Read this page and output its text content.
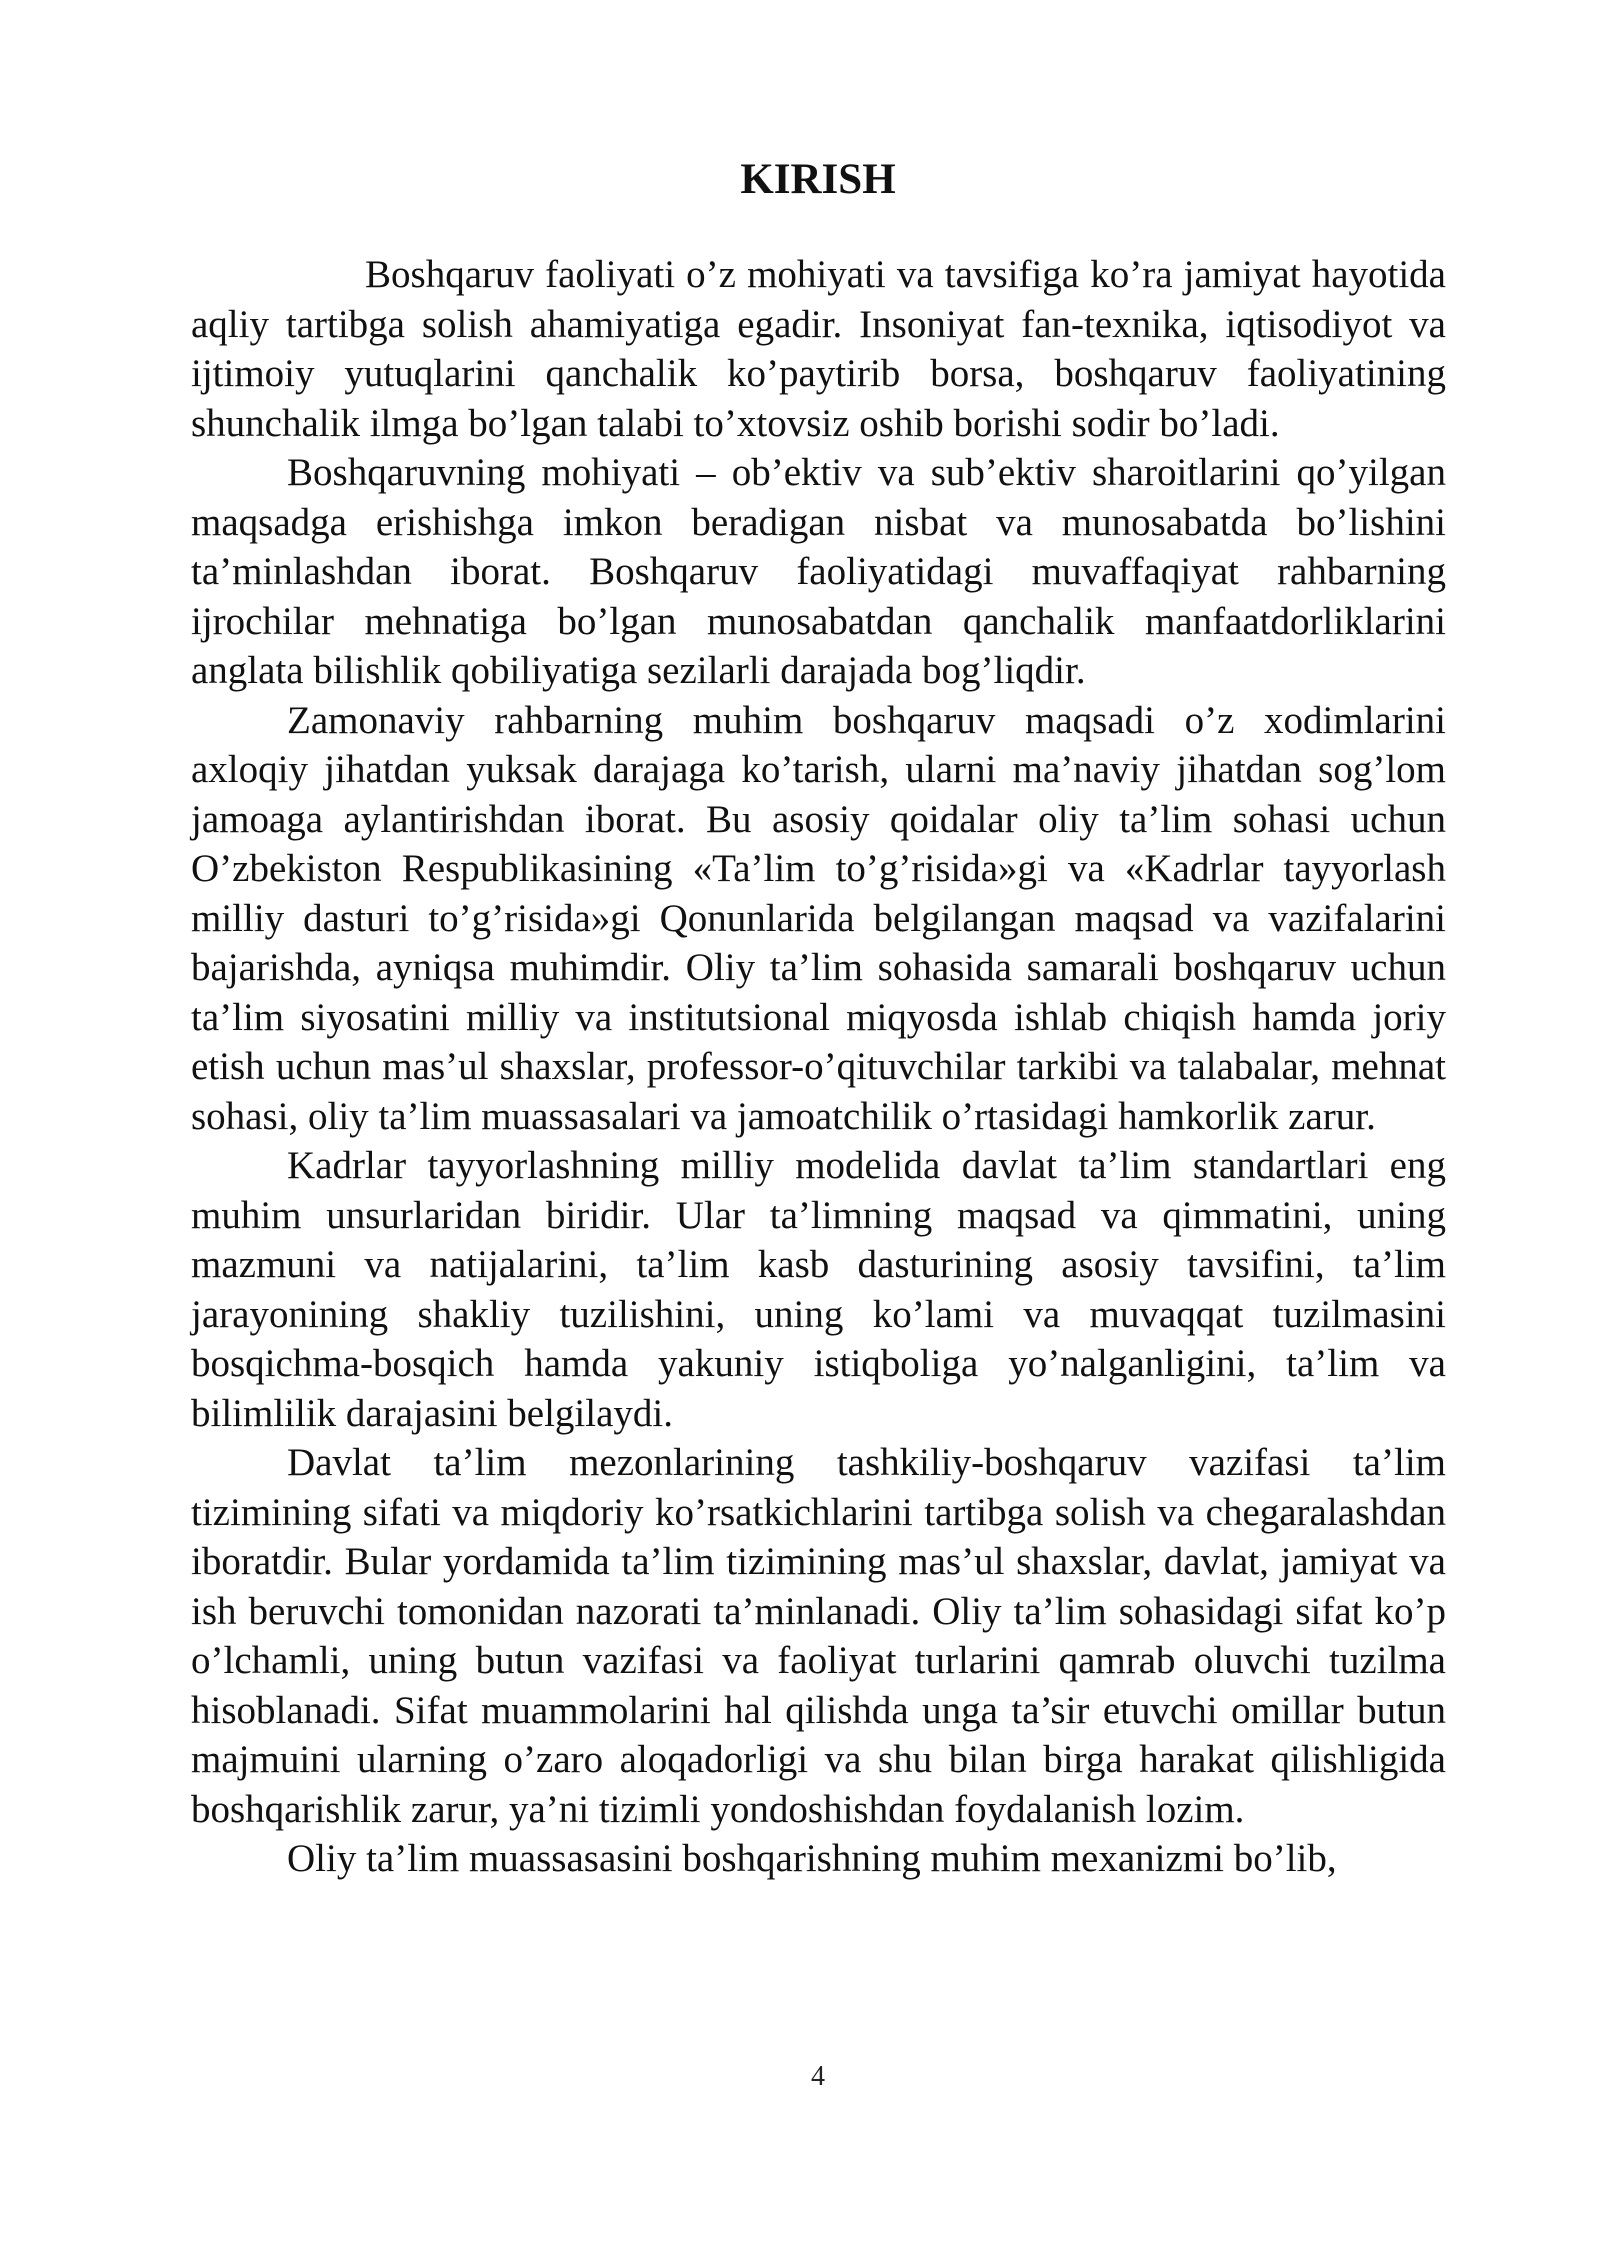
KIRISH

Boshqaruv faoliyati o’z mohiyati va tavsifiga ko’ra jamiyat hayotida aqliy tartibga solish ahamiyatiga egadir. Insoniyat fan-texnika, iqtisodiyot va ijtimoiy yutuqlarini qanchalik ko’paytirib borsa, boshqaruv faoliyatining shunchalik ilmga bo’lgan talabi to’xtovsiz oshib borishi sodir bo’ladi.

Boshqaruvning mohiyati – ob’ektiv va sub’ektiv sharoitlarini qo’yilgan maqsadga erishishga imkon beradigan nisbat va munosabatda bo’lishini ta’minlashdan iborat. Boshqaruv faoliyatidagi muvaffaqiyat rahbarning ijrochilar mehnatiga bo’lgan munosabatdan qanchalik manfaatdorliklarini anglata bilishlik qobiliyatiga sezilarli darajada bog’liqdir.

Zamonaviy rahbarning muhim boshqaruv maqsadi o’z xodimlarini axloqiy jihatdan yuksak darajaga ko’tarish, ularni ma’naviy jihatdan sog’lom jamoaga aylantirishdan iborat. Bu asosiy qoidalar oliy ta’lim sohasi uchun O’zbekiston Respublikasining «Ta’lim to’g’risida»gi va «Kadrlar tayyorlash milliy dasturi to’g’risida»gi Qonunlarida belgilangan maqsad va vazifalarini bajarishda, ayniqsa muhimdir. Oliy ta’lim sohasida samarali boshqaruv uchun ta’lim siyosatini milliy va institutsional miqyosda ishlab chiqish hamda joriy etish uchun mas’ul shaxslar, professor-o’qituvchilar tarkibi va talabalar, mehnat sohasi, oliy ta’lim muassasalari va jamoatchilik o’rtasidagi hamkorlik zarur.

Kadrlar tayyorlashning milliy modelida davlat ta’lim standartlari eng muhim unsurlaridan biridir. Ular ta’limning maqsad va qimmatini, uning mazmuni va natijalarini, ta’lim kasb dasturining asosiy tavsifini, ta’lim jarayonining shakliy tuzilishini, uning ko’lami va muvaqqat tuzilmasini bosqichma-bosqich hamda yakuniy istiqboliga yo’nalganligini, ta’lim va bilimlilik darajasini belgilaydi.

Davlat ta’lim mezonlarining tashkiliy-boshqaruv vazifasi ta’lim tizimining sifati va miqdoriy ko’rsatkichlarini tartibga solish va chegaralashdan iboratdir. Bular yordamida ta’lim tizimining mas’ul shaxslar, davlat, jamiyat va ish beruvchi tomonidan nazorati ta’minlanadi. Oliy ta’lim sohasidagi sifat ko’p o’lchamli, uning butun vazifasi va faoliyat turlarini qamrab oluvchi tuzilma hisoblanadi. Sifat muammolarini hal qilishda unga ta’sir etuvchi omillar butun majmuini ularning o’zaro aloqadorligi va shu bilan birga harakat qilishligida boshqarishlik zarur, ya’ni tizimli yondoshishdan foydalanish lozim.

Oliy ta’lim muassasasini boshqarishning muhim mexanizmi bo’lib,

4
